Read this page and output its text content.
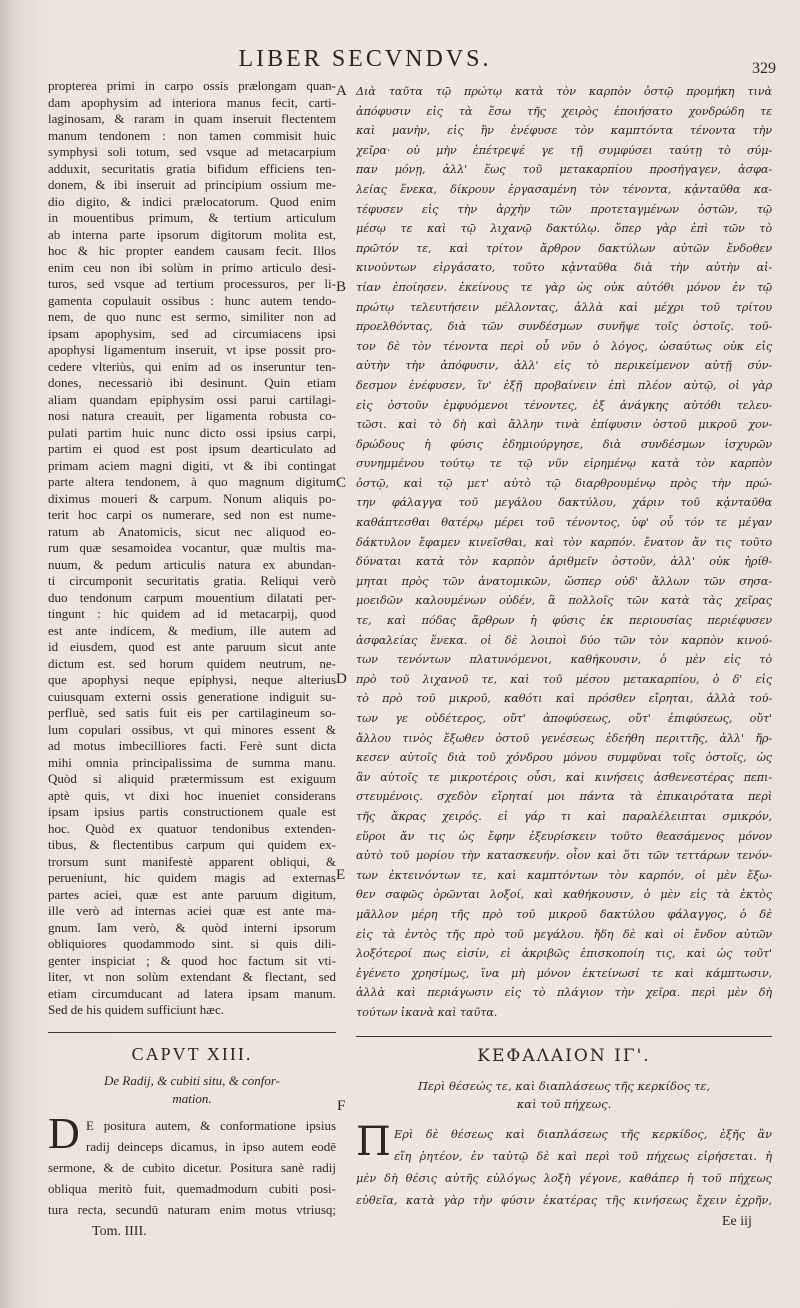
LIBER SECVNDVS.	329
propterea primi in carpo ossis prælongam quan-
dam apophysim ad interiora manus fecit, carti-
laginosam, & raram in quam inseruit flectentem
manum tendonem : non tamen commisit huic
symphysi soli totum, sed vsque ad metacarpium
adduxit, securitatis gratia bifidum efficiens ten-
donem, & ibi inseruit ad principium ossium me-
dio digito, & indici prælocatorum. Quod enim
in mouentibus primum, & tertium articulum
ab interna parte ipsorum digitorum molita est,
hoc & hic propter eandem causam fecit. Illos
enim ceu non ibi solùm in primo articulo desi-
turos, sed vsque ad tertium processuros, per li-
gamenta copulauit ossibus : hunc autem tendo-
nem, de quo nunc est sermo, similiter non ad
ipsam apophysim, sed ad circumiacens ipsi
apophysi ligamentum inseruit, vt ipse possit pro-
cedere vlteriùs, qui enim ad os inseruntur ten-
dones, necessariò ibi desinunt. Quin etiam
aliam quandam epiphysim ossi parui cartilagi-
nosi natura creauit, per ligamenta robusta co-
pulati partim huic nunc dicto ossi ipsius carpi,
partim ei quod est post ipsum dearticulato ad
primam aciem magni digiti, vt & ibi contingat
parte altera tendonem, à quo magnum digitum
diximus moueri & carpum. Nonum aliquis po-
terit hoc carpi os numerare, sed non est nume-
ratum ab Anatomicis, sicut nec aliquod eo-
rum quæ sesamoidea vocantur, quæ multis ma-
nuum, & pedum articulis natura ex abundan-
ti circumponit securitatis gratia. Reliqui verò
duo tendonum carpum mouentium dilatati per-
tingunt : hic quidem ad id metacarpij, quod
est ante indicem, & medium, ille autem ad
id eiusdem, quod est ante paruum sicut ante
dictum est. sed horum quidem neutrum, ne-
que apophysi neque epiphysi, neque alterius
cuiusquam externi ossis generatione indiguit su-
perfluè, sed satis fuit eis per cartilagineum so-
lum copulari ossibus, vt qui minores essent &
ad motus imbecilliores facti. Ferè sunt dicta
mihi omnia principalissima de summa manu.
Quòd si aliquid prætermissum est exiguum
aptè quis, vt dixi hoc inueniet considerans
ipsam ipsius partis constructionem quale est
hoc. Quòd ex quatuor tendonibus extenden-
tibus, & flectentibus carpum qui quidem ex-
trorsum sunt manifestè apparent obliqui, &
perueniunt, hic quidem magis ad externas
partes aciei, quæ est ante paruum digitum,
ille verò ad internas aciei quæ est ante ma-
gnum. Iam verò, & quòd interni ipsorum
obliquiores quodammodo sint. si quis dili-
genter inspiciat ; & quod hoc factum sit vti-
liter, vt non solùm extendant & flectant, sed
etiam circumducant ad latera ipsam manum.
Sed de his quidem sufficiunt hæc.
A Διὰ ταῦτα τῷ πρώτῳ κατὰ τὸν καρπὸν ὀστῷ προμήκη τινὰ
ἀπόφυσιν εἰς τὰ ἔσω τῆς χειρὸς ἐποιήσατο χονδρώδη τε
καὶ μανὴν, εἰς ἣν ἐνέφυσε τὸν καμπτόντα τένοντα τὴν
χεῖρα· οὐ μὴν ἐπέτρεψέ γε τῇ συμφύσει ταύτῃ τὸ σύμ-
παν μόνῃ, ἀλλ' ἕως τοῦ μετακαρπίου προσήγαγεν, ἀσφα-
λείας ἕνεκα, δίκρουν ἐργασαμένη τὸν τένοντα, κᾀνταῦθα κα-
τέφυσεν εἰς τὴν ἀρχὴν τῶν προτεταγμένων ὀστῶν, τῷ
μέσῳ τε καὶ τῷ λιχανῷ δακτύλῳ. ὅπερ γὰρ ἐπὶ τῶν τὸ
πρῶτόν τε, καὶ τρίτον ἄρθρον δακτύλων αὐτῶν ἔνδοθεν
κινούντων εἰργάσατο, τοῦτο κᾀνταῦθα διὰ τὴν αὐτὴν αἰ-
B τίαν ἐποίησεν. ἐκείνους τε γὰρ ὡς οὐκ αὐτόθι μόνον ἐν τῷ
πρώτῳ τελευτήσειν μέλλοντας, ἀλλὰ καὶ μέχρι τοῦ τρίτου
προελθόντας, διὰ τῶν συνδέσμων συνῆψε τοῖς ὀστοῖς. τοῦ-
τον δὲ τὸν τένοντα περὶ οὗ νῦν ὁ λόγος, ὡσαύτως οὐκ εἰς
αὐτὴν τὴν ἀπόφυσιν, ἀλλ' εἰς τὸ περικείμενον αὐτῇ σύν-
δεσμον ἐνέφυσεν, ἵν' ἐξῇ προβαίνειν ἐπὶ πλέον αὐτῷ, οἱ γὰρ
εἰς ὀστοῦν ἐμφυόμενοι τένοντες, ἐξ ἀνάγκης αὐτόθι τελευ-
τῶσι. καὶ τὸ δὴ καὶ ἄλλην τινὰ ἐπίφυσιν ὀστοῦ μικροῦ χον-
δρώδους ἡ φύσις ἐδημιούργησε, διὰ συνδέσμων ἰσχυρῶν
συνημμένου τούτῳ τε τῷ νῦν εἰρημένῳ κατὰ τὸν καρπὸν
C ὀστῷ, καὶ τῷ μετ' αὐτὸ τῷ διαρθρουμένῳ πρὸς τὴν πρώ-
την φάλαγγα τοῦ μεγάλου δακτύλου, χάριν τοῦ κᾀνταῦθα
καθάπτεσθαι θατέρῳ μέρει τοῦ τένοντος, ὑφ' οὗ τόν τε μέγαν
δάκτυλον ἔφαμεν κινεῖσθαι, καὶ τὸν καρπόν. ἔνατον ἄν τις τοῦτο
δύναται κατὰ τὸν καρπὸν ἀριθμεῖν ὀστοῦν, ἀλλ' οὐκ ἠρίθ-
μηται πρὸς τῶν ἀνατομικῶν, ὥσπερ οὐδ' ἄλλων τῶν σησα-
μοειδῶν καλουμένων οὐδέν, ἃ πολλοῖς τῶν κατὰ τὰς χεῖρας
τε, καὶ πόδας ἄρθρων ἡ φύσις ἐκ περιουσίας περιέφυσεν
ἀσφαλείας ἕνεκα. οἱ δὲ λοιποὶ δύο τῶν τὸν καρπὸν κινού-
των τενόντων πλατυνόμενοι, καθήκουσιν, ὁ μὲν εἰς τὸ
D πρὸ τοῦ λιχανοῦ τε, καὶ τοῦ μέσου μετακαρπίου, ὁ δ' εἰς
τὸ πρὸ τοῦ μικροῦ, καθότι καὶ πρόσθεν εἴρηται, ἀλλὰ τού-
των γε οὐδέτερος, οὔτ' ἀποφύσεως, οὔτ' ἐπιφύσεως, οὔτ'
ἄλλου τινὸς ἔξωθεν ὀστοῦ γενέσεως ἐδεήθη περιττῆς, ἀλλ' ἤρ-
κεσεν αὐτοῖς διὰ τοῦ χόνδρου μόνου συμφῦναι τοῖς ὀστοῖς, ὡς
ἂν αὐτοῖς τε μικροτέροις οὖσι, καὶ κινήσεις ἀσθενεστέρας πεπι-
στευμένοις. σχεδὸν εἴρηταί μοι πάντα τὰ ἐπικαιρότατα περὶ
τῆς ἄκρας χειρός. εἰ γάρ τι καὶ παραλέλειπται σμικρόν,
εὕροι ἄν τις ὡς ἔφην ἐξευρίσκειν τοῦτο θεασάμενος μόνον
αὐτὸ τοῦ μορίου τὴν κατασκευήν. οἷον καὶ ὅτι τῶν τεττάρων τενόν-
E των ἐκτεινόντων τε, καὶ καμπτόντων τὸν καρπόν, οἱ μὲν ἔξω-
θεν σαφῶς ὁρῶνται λοξοί, καὶ καθήκουσιν, ὁ μὲν εἰς τὰ ἐκτὸς
μᾶλλον μέρη τῆς πρὸ τοῦ μικροῦ δακτύλου φάλαγγος, ὁ δὲ
εἰς τὰ ἐντὸς τῆς πρὸ τοῦ μεγάλου. ἤδη δὲ καὶ οἱ ἔνδον αὐτῶν
λοξότεροί πως εἰσίν, εἰ ἀκριβῶς ἐπισκοποίη τις, καὶ ὡς τοῦτ'
ἐγένετο χρησίμως, ἵνα μὴ μόνον ἐκτείνωσί τε καὶ κάμπτωσιν,
ἀλλὰ καὶ περιάγωσιν εἰς τὸ πλάγιον τὴν χεῖρα. περὶ μὲν δὴ
τούτων ἱκανὰ καὶ ταῦτα.
CAPVT XIII.
De Radij, & cubiti situ, & confor-
mation.
D E positura autem, & conformatione ipsius
radij deinceps dicamus, in ipso autem eodē
sermone, & de cubito dicetur. Positura sanè radij
obliqua meritò fuit, quemadmodum cubiti posi-
tura recta, secundū naturam enim motus vtriusq;
Tom. IIII.
ΚΕΦΑΛΑΙΟΝ ΙΓ'.
Περὶ θέσεώς τε, καὶ διαπλάσεως τῆς κερκίδος τε,
καὶ τοῦ πήχεως.
F
Π Ερὶ δὲ θέσεως καὶ διαπλάσεως τῆς κερκίδος, ἑξῆς ἂν
εἴη ῥητέον, ἐν ταὐτῷ δὲ καὶ περὶ τοῦ πήχεως εἰρήσεται. ἡ
μὲν δὴ θέσις αὐτῆς εὐλόγως λοξὴ γέγονε, καθάπερ ἡ τοῦ πήχεως
εὐθεῖα, κατὰ γὰρ τὴν φύσιν ἑκατέρας τῆς κινήσεως ἔχειν ἐχρῆν,
Ee iij
